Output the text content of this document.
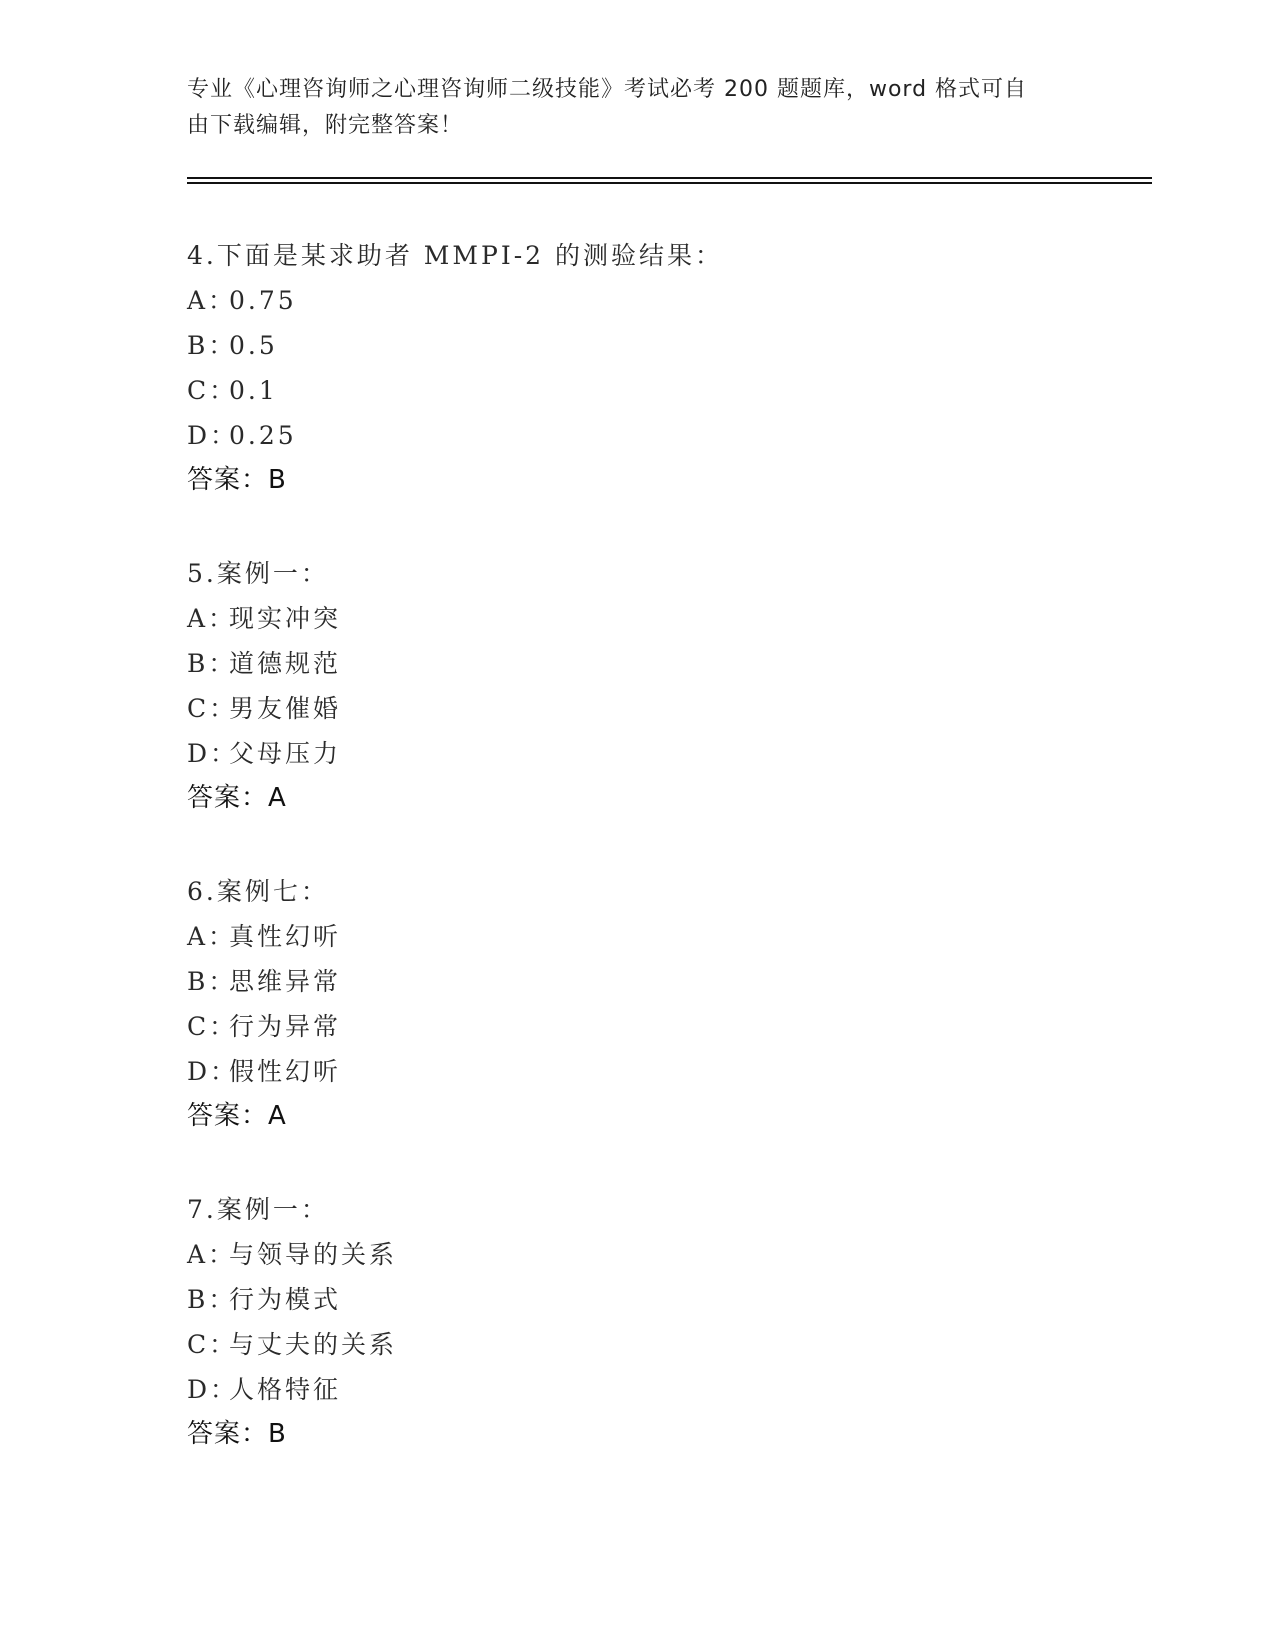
专业《心理咨询师之心理咨询师二级技能》考试必考 200 题题库，word 格式可自
由下载编辑，附完整答案！
4.下面是某求助者 MMPI-2 的测验结果：
A：0.75
B：0.5
C：0.1
D：0.25
答案：B
5.案例一：
A：现实冲突
B：道德规范
C：男友催婚
D：父母压力
答案：A
6.案例七：
A：真性幻听
B：思维异常
C：行为异常
D：假性幻听
答案：A
7.案例一：
A：与领导的关系
B：行为模式
C：与丈夫的关系
D：人格特征
答案：B
